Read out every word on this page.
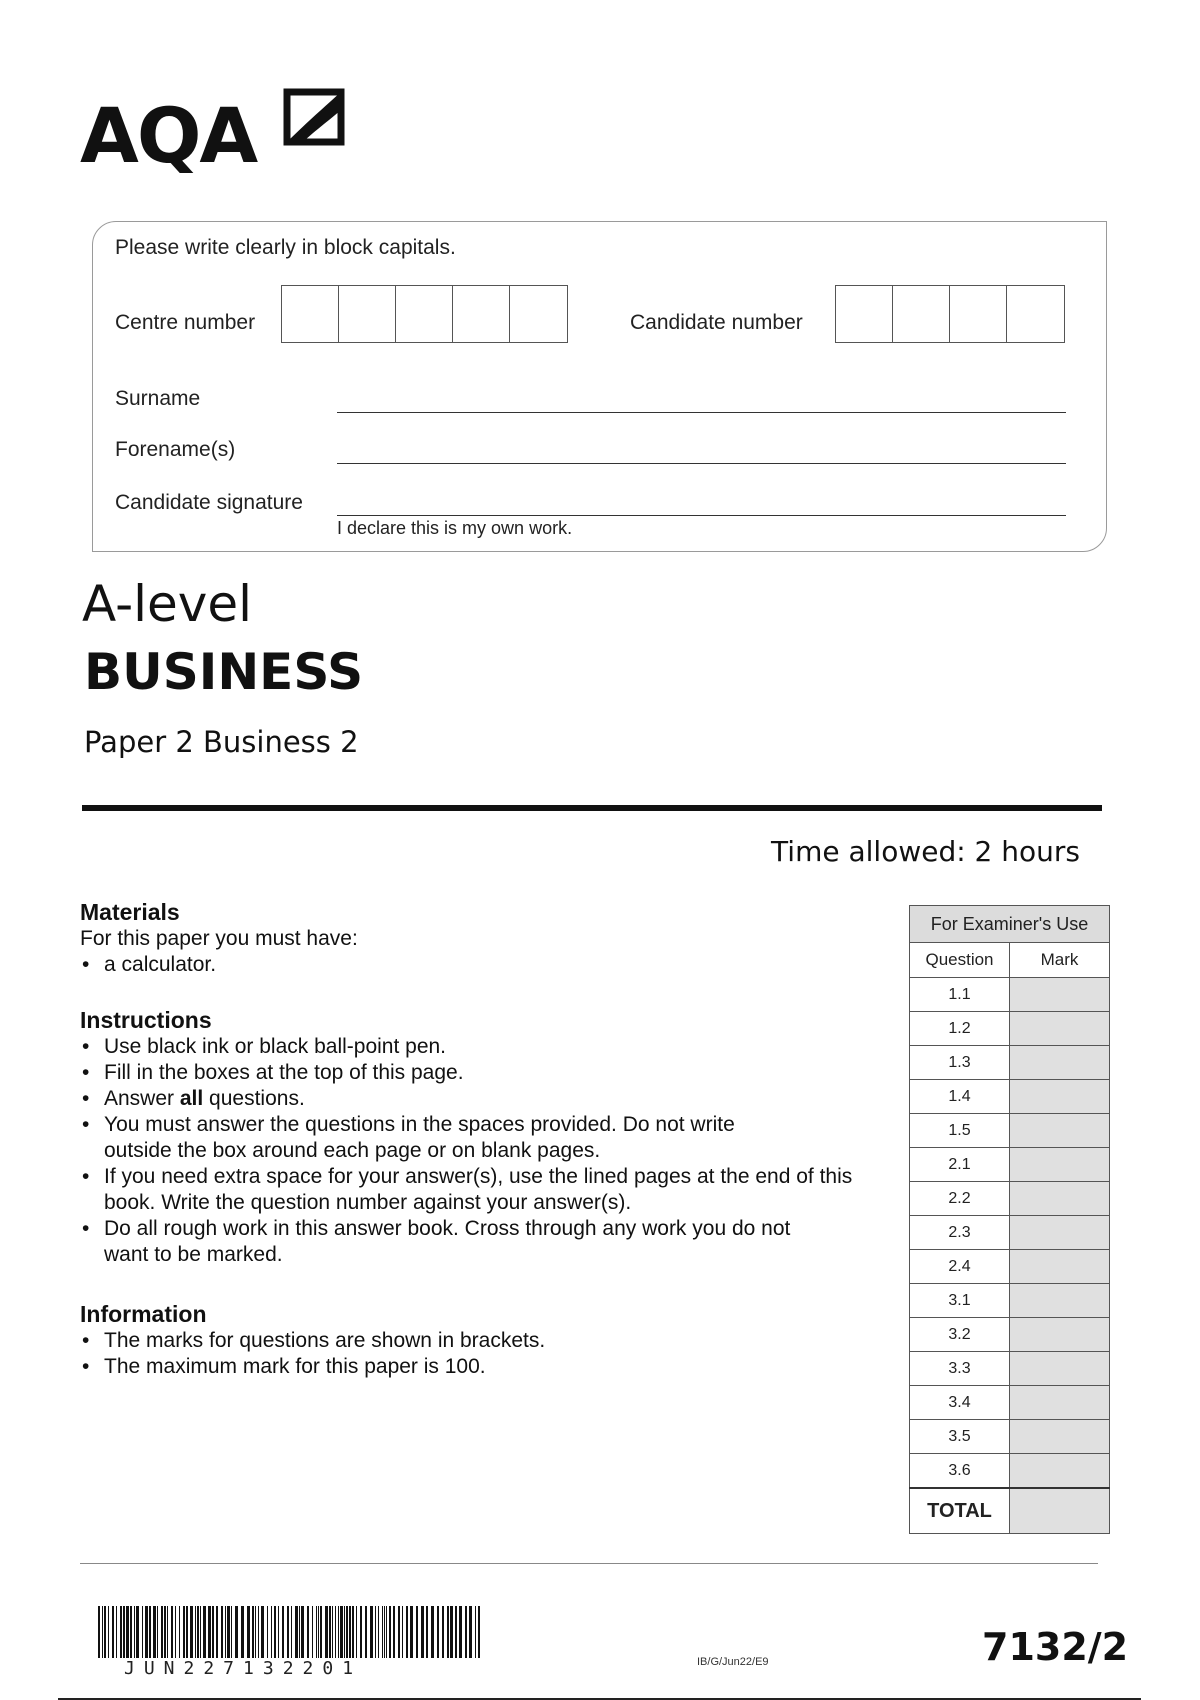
AQA
Please write clearly in block capitals.
Centre number	Candidate number
Surname
Forename(s)
Candidate signature
I declare this is my own work.
A-level
BUSINESS
Paper 2 Business 2
Time allowed: 2 hours
Materials

For this paper you must have:

• a calculator.
Instructions
• Use black ink or black ball-point pen.
• Fill in the boxes at the top of this page.
• Answer all questions.
• You must answer the questions in the spaces provided. Do not write outside the box around each page or on blank pages.
• If you need extra space for your answer(s), use the lined pages at the end of this book. Write the question number against your answer(s).
• Do all rough work in this answer book. Cross through any work you do not want to be marked.
Information
• The marks for questions are shown in brackets.
• The maximum mark for this paper is 100.
For Examiner's Use	
Question	Mark
1.1	
1.2	
1.3	
1.4	
1.5	
2.1	
2.2	
2.3	
2.4	
3.1	
3.2	
3.3	
3.4	
3.5	
3.6	
TOTAL	
JUN227132201	IB/G/Jun22/E9	7132/2
